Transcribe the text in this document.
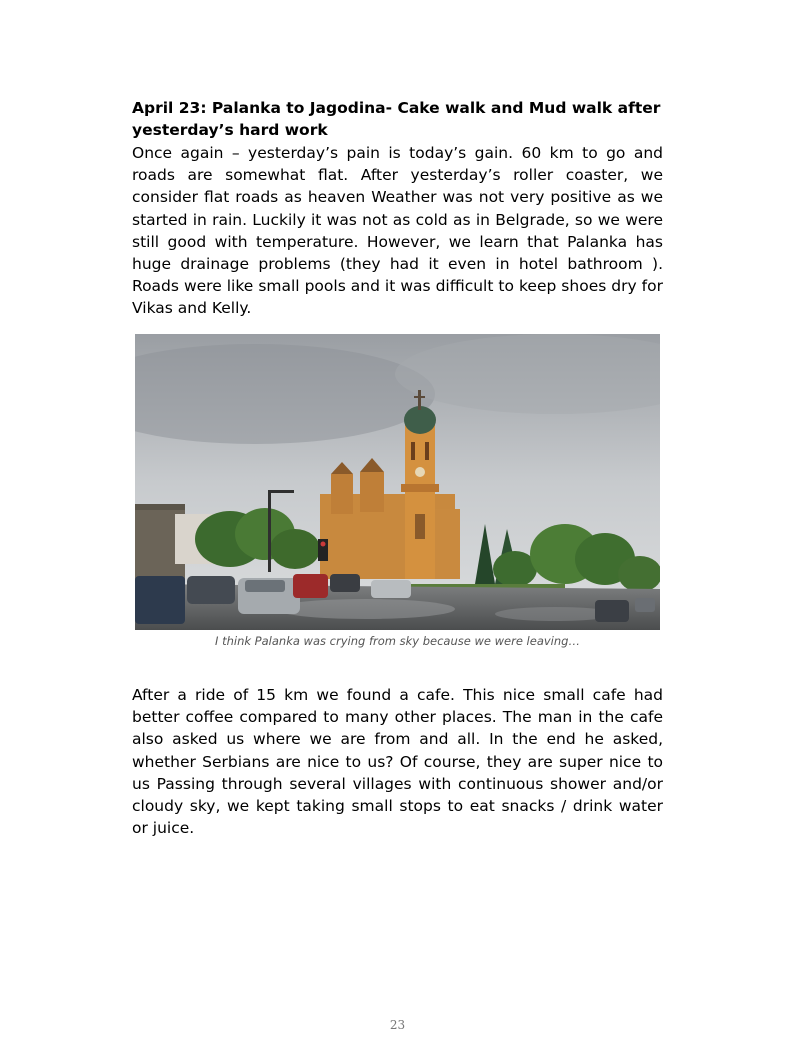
April 23: Palanka to Jagodina- Cake walk and Mud walk after yesterday’s hard work

Once again – yesterday’s pain is today’s gain. 60 km to go and roads are somewhat flat. After yesterday’s roller coaster, we consider flat roads as heaven Weather was not very positive as we started in rain. Luckily it was not as cold as in Belgrade, so we were still good with temperature. However, we learn that Palanka has huge drainage problems (they had it even in hotel bathroom ). Roads were like small pools and it was difficult to keep shoes dry for Vikas and Kelly.

I think Palanka was crying from sky because we were leaving…

After a ride of 15 km we found a cafe. This nice small cafe had better coffee compared to many other places. The man in the cafe also asked us where we are from and all. In the end he asked, whether Serbians are nice to us? Of course, they are super nice to us Passing through several villages with continuous shower and/or cloudy sky, we kept taking small stops to eat snacks / drink water or juice.

23
